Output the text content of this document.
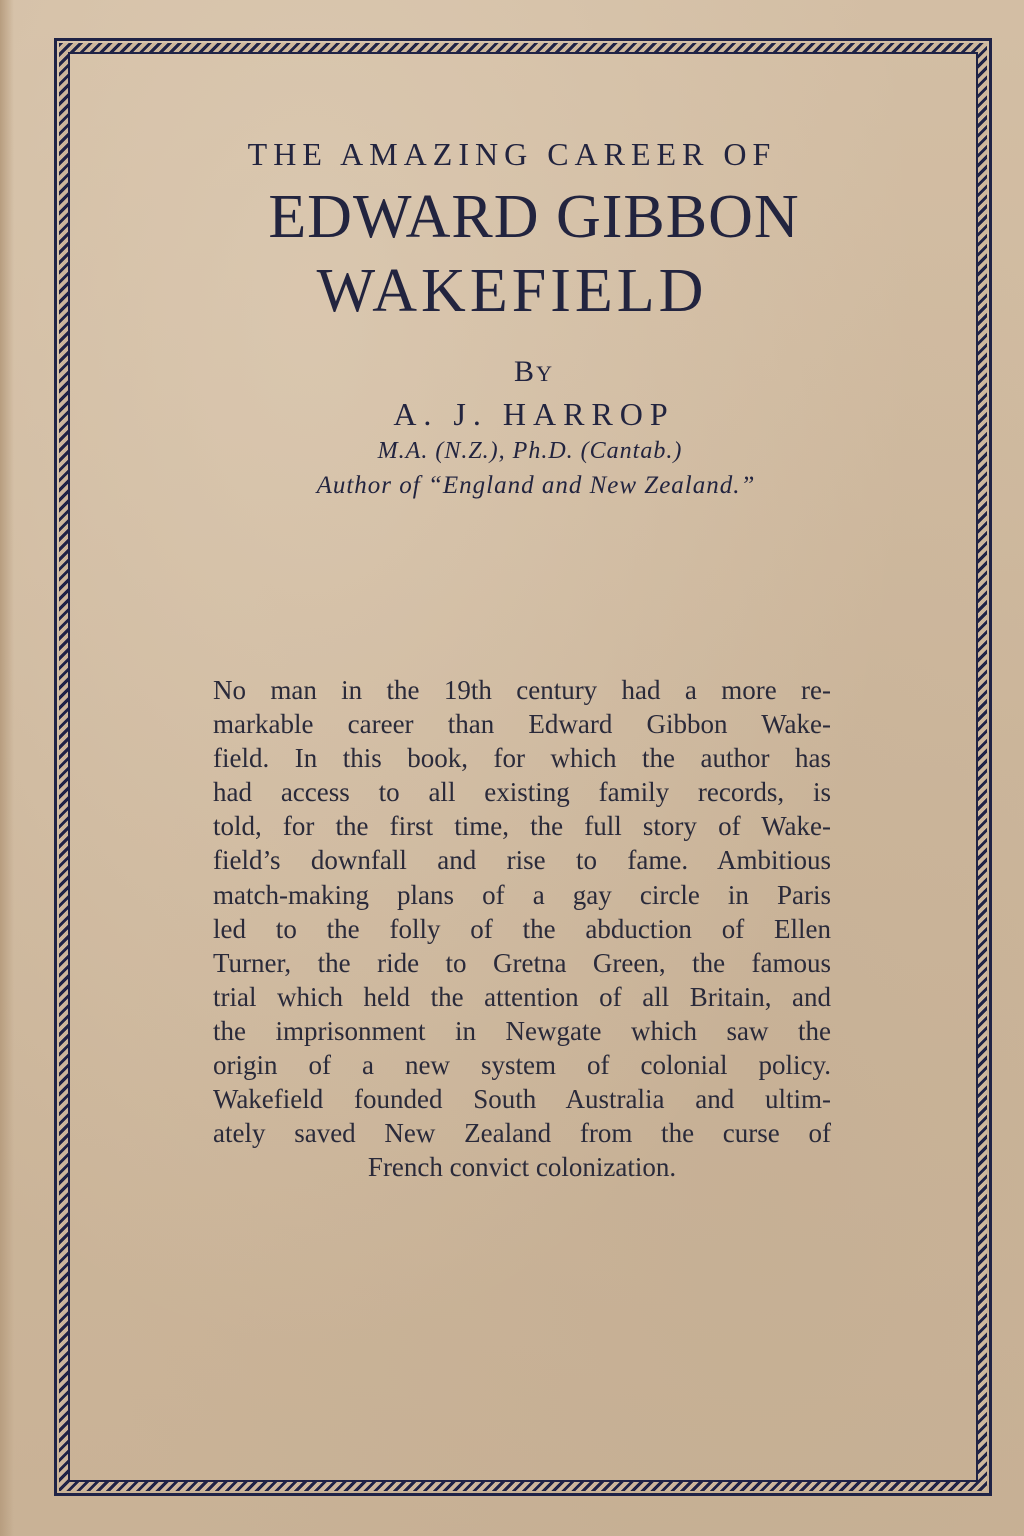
THE AMAZING CAREER OF
EDWARD GIBBON
WAKEFIELD
BY
A. J. HARROP
M.A. (N.Z.), Ph.D. (Cantab.)
Author of “England and New Zealand.”
No man in the 19th century had a more re-
markable career than Edward Gibbon Wake-
field. In this book, for which the author has
had access to all existing family records, is
told, for the first time, the full story of Wake-
field’s downfall and rise to fame. Ambitious
match-making plans of a gay circle in Paris
led to the folly of the abduction of Ellen
Turner, the ride to Gretna Green, the famous
trial which held the attention of all Britain, and
the imprisonment in Newgate which saw the
origin of a new system of colonial policy.
Wakefield founded South Australia and ultim-
ately saved New Zealand from the curse of
French convict colonization.
